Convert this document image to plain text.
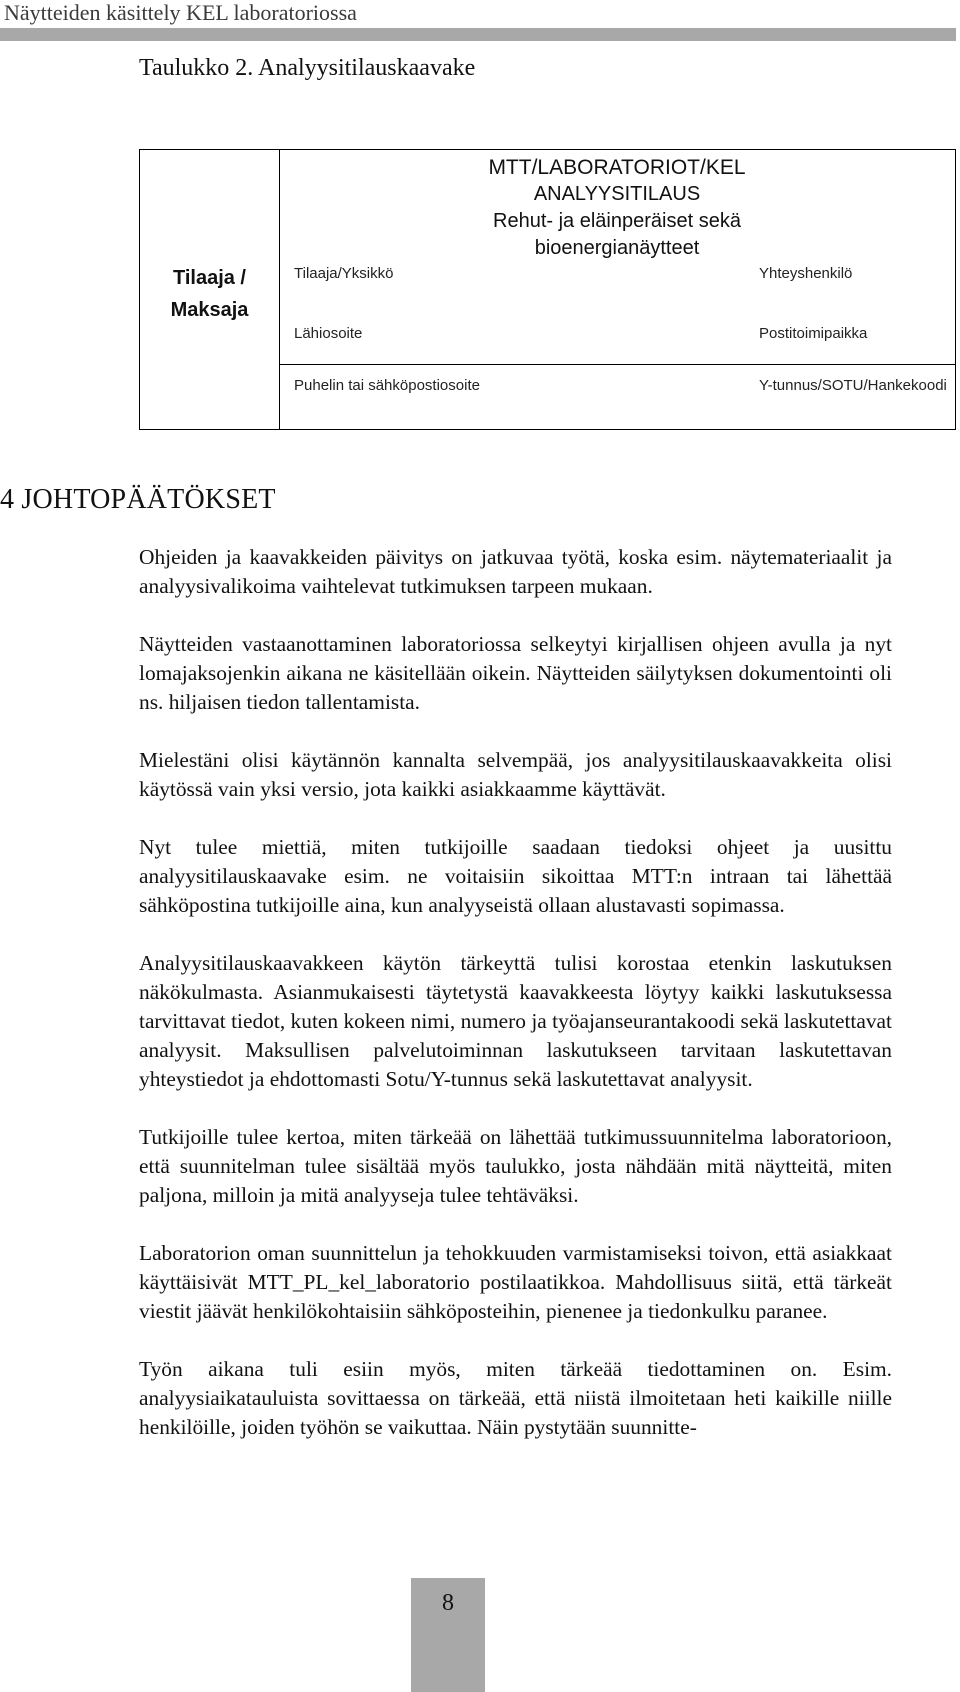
Näytteiden käsittely KEL laboratoriossa
Taulukko 2. Analyysitilauskaavake
MTT/LABORATORIOT/KEL
ANALYYSITILAUS
Rehut- ja eläinperäiset sekä
bioenergianäytteet
Tilaaja /
Maksaja
Tilaaja/Yksikkö	Yhteyshenkilö
Lähiosoite	Postitoimipaikka
Puhelin tai sähköpostiosoite	Y-tunnus/SOTU/Hankekoodi
4 JOHTOPÄÄTÖKSET

Ohjeiden ja kaavakkeiden päivitys on jatkuvaa työtä, koska esim. näytemateriaalit ja analyysivalikoima vaihtelevat tutkimuksen tarpeen mukaan.

Näytteiden vastaanottaminen laboratoriossa selkeytyi kirjallisen ohjeen avulla ja nyt lomajaksojenkin aikana ne käsitellään oikein. Näytteiden säilytyksen dokumentointi oli ns. hiljaisen tiedon tallentamista.

Mielestäni olisi käytännön kannalta selvempää, jos analyysitilauskaavakkeita olisi käytössä vain yksi versio, jota kaikki asiakkaamme käyttävät.

Nyt tulee miettiä, miten tutkijoille saadaan tiedoksi ohjeet ja uusittu analyysitilauskaavake esim. ne voitaisiin sikoittaa MTT:n intraan tai lähettää sähköpostina tutkijoille aina, kun analyyseistä ollaan alustavasti sopimassa.

Analyysitilauskaavakkeen käytön tärkeyttä tulisi korostaa etenkin laskutuksen näkökulmasta. Asianmukaisesti täytetystä kaavakkeesta löytyy kaikki laskutuksessa tarvittavat tiedot, kuten kokeen nimi, numero ja työajanseurantakoodi sekä laskutettavat analyysit. Maksullisen palvelutoiminnan laskutukseen tarvitaan laskutettavan yhteystiedot ja ehdottomasti Sotu/Y-tunnus sekä laskutettavat analyysit.

Tutkijoille tulee kertoa, miten tärkeää on lähettää tutkimussuunnitelma laboratorioon, että suunnitelman tulee sisältää myös taulukko, josta nähdään mitä näytteitä, miten paljona, milloin ja mitä analyyseja tulee tehtäväksi.

Laboratorion oman suunnittelun ja tehokkuuden varmistamiseksi toivon, että asiakkaat käyttäisivät MTT_PL_kel_laboratorio postilaatikkoa. Mahdollisuus siitä, että tärkeät viestit jäävät henkilökohtaisiin sähköposteihin, pienenee ja tiedonkulku paranee.

Työn aikana tuli esiin myös, miten tärkeää tiedottaminen on. Esim. analyysiaikatauluista sovittaessa on tärkeää, että niistä ilmoitetaan heti kaikille niille henkilöille, joiden työhön se vaikuttaa. Näin pystytään suunnitte-

8
